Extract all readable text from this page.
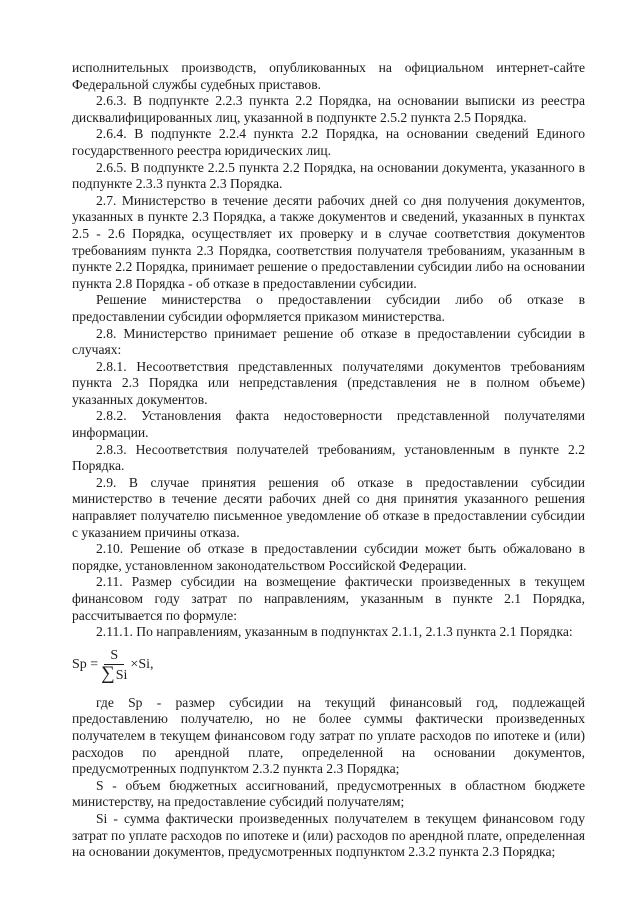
исполнительных производств, опубликованных на официальном интернет-сайте Федеральной службы судебных приставов.

2.6.3. В подпункте 2.2.3 пункта 2.2 Порядка, на основании выписки из реестра дисквалифицированных лиц, указанной в подпункте 2.5.2 пункта 2.5 Порядка.

2.6.4. В подпункте 2.2.4 пункта 2.2 Порядка, на основании сведений Единого государственного реестра юридических лиц.

2.6.5. В подпункте 2.2.5 пункта 2.2 Порядка, на основании документа, указанного в подпункте 2.3.3 пункта 2.3 Порядка.

2.7. Министерство в течение десяти рабочих дней со дня получения документов, указанных в пункте 2.3 Порядка, а также документов и сведений, указанных в пунктах 2.5 - 2.6 Порядка, осуществляет их проверку и в случае соответствия документов требованиям пункта 2.3 Порядка, соответствия получателя требованиям, указанным в пункте 2.2 Порядка, принимает решение о предоставлении субсидии либо на основании пункта 2.8 Порядка - об отказе в предоставлении субсидии.

Решение министерства о предоставлении субсидии либо об отказе в предоставлении субсидии оформляется приказом министерства.

2.8. Министерство принимает решение об отказе в предоставлении субсидии в случаях:

2.8.1. Несоответствия представленных получателями документов требованиям пункта 2.3 Порядка или непредставления (представления не в полном объеме) указанных документов.

2.8.2. Установления факта недостоверности представленной получателями информации.

2.8.3. Несоответствия получателей требованиям, установленным в пункте 2.2 Порядка.

2.9. В случае принятия решения об отказе в предоставлении субсидии министерство в течение десяти рабочих дней со дня принятия указанного решения направляет получателю письменное уведомление об отказе в предоставлении субсидии с указанием причины отказа.

2.10. Решение об отказе в предоставлении субсидии может быть обжаловано в порядке, установленном законодательством Российской Федерации.

2.11. Размер субсидии на возмещение фактически произведенных в текущем финансовом году затрат по направлениям, указанным в пункте 2.1 Порядка, рассчитывается по формуле:

2.11.1. По направлениям, указанным в подпунктах 2.1.1, 2.1.3 пункта 2.1 Порядка:

$Sp = \frac{S}{\sum Si} \times Si$,

где Sp - размер субсидии на текущий финансовый год, подлежащей предоставлению получателю, но не более суммы фактически произведенных получателем в текущем финансовом году затрат по уплате расходов по ипотеке и (или) расходов по арендной плате, определенной на основании документов, предусмотренных подпунктом 2.3.2 пункта 2.3 Порядка;

S - объем бюджетных ассигнований, предусмотренных в областном бюджете министерству, на предоставление субсидий получателям;

Si - сумма фактически произведенных получателем в текущем финансовом году затрат по уплате расходов по ипотеке и (или) расходов по арендной плате, определенная на основании документов, предусмотренных подпунктом 2.3.2 пункта 2.3 Порядка;
